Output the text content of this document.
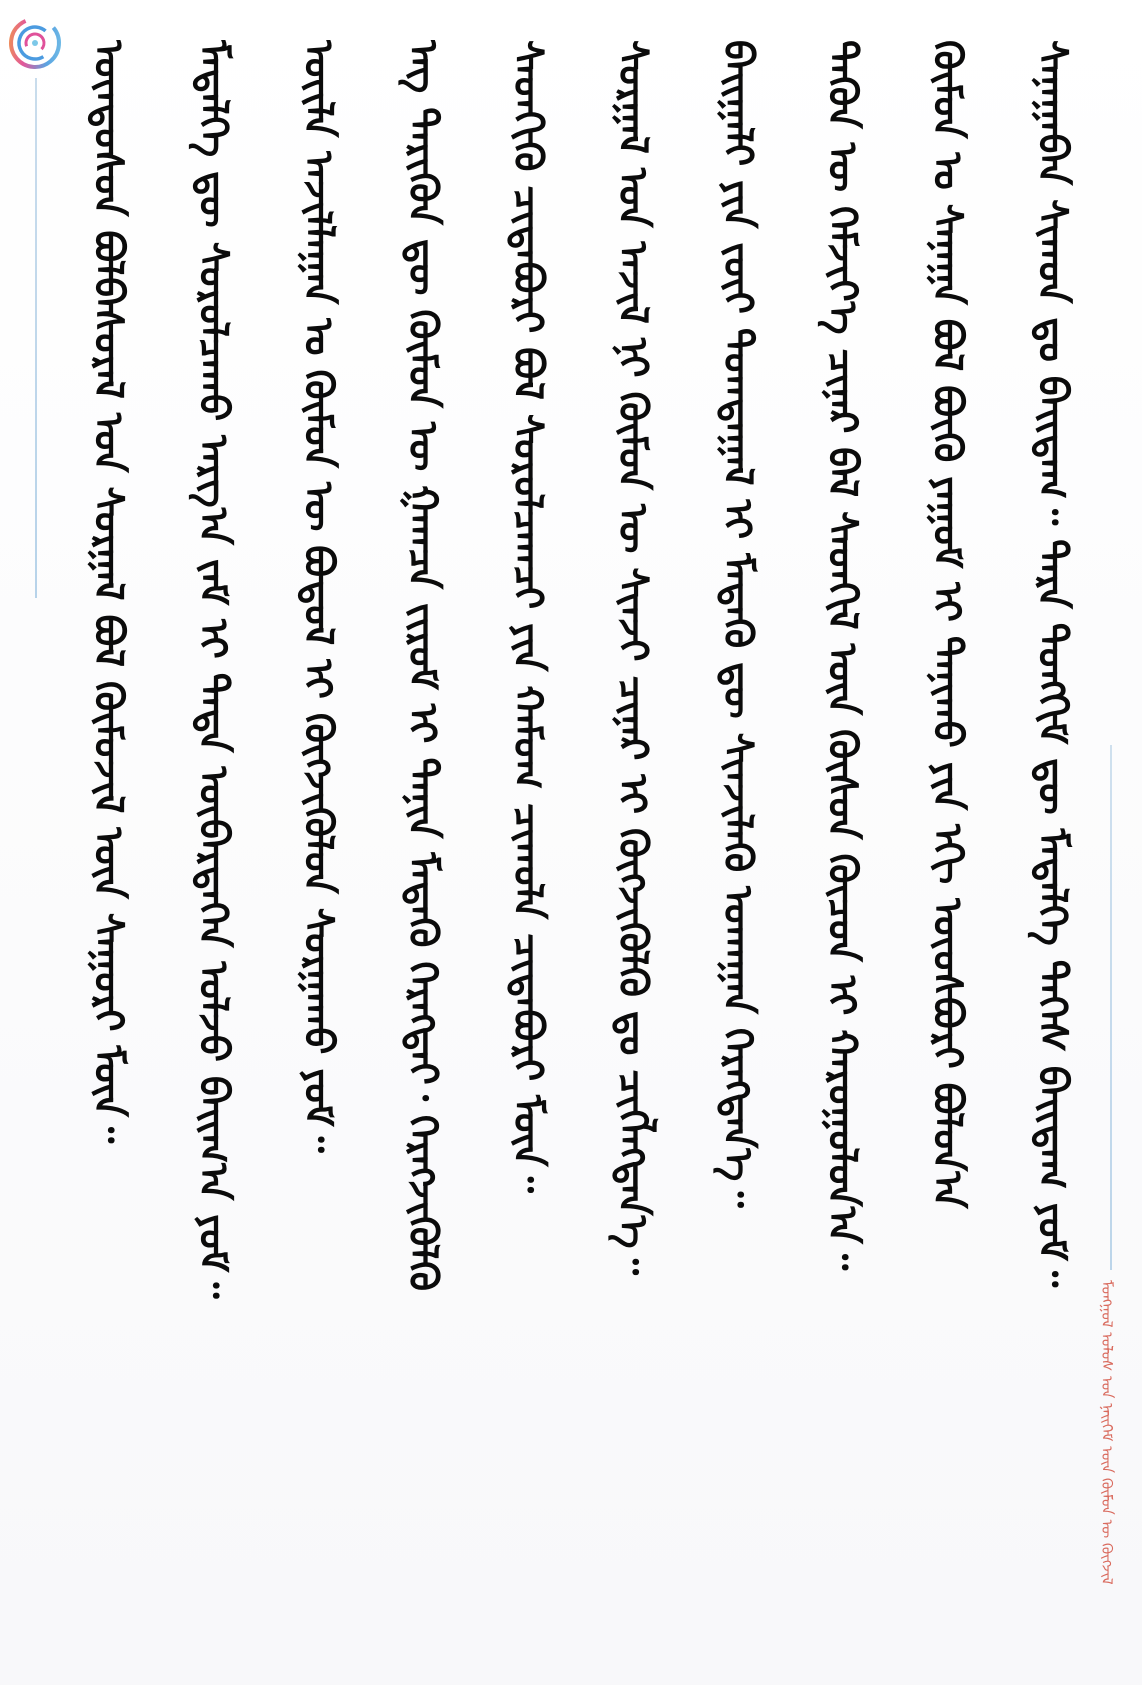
ᠮᠣᠩᠭᠣᠯ ᠤᠯᠤᠰ ᠤᠨ ᠨᠡᠢᠭᠡᠮ ᠦᠨ ᠬᠦᠮᠦᠨ ᠦ ᠬᠥᠭᠵᠢᠯ
ᠦᠨᠳᠦᠰᠦᠨ ᠪᠣᠯᠪᠠᠰᠤᠷᠠᠯ ᠤᠨ ᠰᠤᠷᠭᠠᠯ ᠪᠣᠯ ᠬᠦᠮᠦᠵᠢᠯ ᠦᠨ ᠰᠠᠭᠤᠷᠢ ᠮᠥᠨ᠃ ᠮᠡᠳᠡᠯᠭᠡ ᠳᠦ ᠰᠤᠷᠤᠯᠴᠠᠬᠤ ᠠᠷᠭ᠎ᠠ ᠵᠠᠮ ᠢ ᠲᠡᠳᠡ ᠥᠪᠡᠷᠲᠡᠭᠡᠨ ᠣᠯᠵᠤ ᠪᠠᠢᠭ᠎ᠠ ᠶᠤᠮ᠃ ᠦᠢᠯᠡ ᠠᠵᠢᠯᠯᠠᠭᠠᠨ ᠤ ᠬᠦᠮᠦᠨ ᠦ ᠪᠣᠳᠣᠯ ᠢ ᠬᠥᠭᠵᠢᠭᠦᠯᠦᠨ ᠰᠤᠷᠭᠠᠬᠤ ᠶᠤᠮ᠃ ᠡᠩ ᠲᠡᠷᠢᠭᠦᠨ ᠳᠦ ᠬᠦᠮᠦᠨ ᠦ ᠭᠠᠭᠴᠠ ᠵᠢᠷᠤᠮ ᠢ ᠲᠠᠨᠢᠨ ᠮᠡᠳᠡᠬᠦ ᠬᠡᠷᠡᠭᠲᠡᠢ᠂ ᠬᠡᠷᠡᠭᠵᠢᠭᠦᠯᠬᠦ ᠰᠡᠳᠬᠢᠬᠦ ᠴᠢᠳᠠᠪᠤᠷᠢ ᠪᠣᠯ ᠰᠤᠷᠤᠯᠴᠠᠭᠴᠢ ᠶᠢᠨ ᠬᠠᠮᠤᠭ ᠴᠢᠬᠤᠯᠠ ᠴᠢᠳᠠᠪᠤᠷᠢ ᠮᠥᠨ᠃ ᠰᠤᠷᠭᠠᠯ ᠤᠨ ᠠᠵᠢᠯ ᠨᠢ ᠬᠦᠮᠦᠨ ᠦ ᠰᠢᠨᠵᠢ ᠴᠢᠨᠠᠷ ᠢ ᠬᠥᠭᠵᠢᠭᠦᠯᠬᠦ ᠳᠤ ᠴᠢᠭᠯᠡᠭᠳᠡᠨ᠎ᠡ᠃ ᠪᠠᠢᠭᠠᠯᠢ ᠶᠢᠨ ᠵᠦᠢ ᠲᠣᠭᠲᠠᠭᠠᠯ ᠢ ᠮᠡᠳᠡᠬᠦ ᠳᠦ ᠰᠢᠨᠵᠢᠯᠡᠬᠦ ᠤᠬᠠᠭᠠᠨ ᠬᠡᠷᠡᠭᠳᠡᠨ᠎ᠡ᠃ ᠲᠡᠭᠦᠨ ᠦ ᠬᠡᠮᠵᠢᠶ᠎ᠡ ᠴᠢᠨᠠᠷ ᠪᠠᠯ ᠰᠡᠳᠬᠢᠯ ᠦᠨ ᠬᠦᠰᠦᠨ ᠬᠦᠴᠦᠨ ᠢ ᠬᠠᠷᠤᠭᠤᠯᠤᠨ᠎ᠠ᠃ ᠬᠦᠮᠦᠨ ᠤ ᠰᠠᠨᠠᠭᠠ ᠪᠣᠯ ᠪᠦᠬᠦ ᠶᠠᠭᠤᠮ ᠢ ᠲᠠᠨᠢᠬᠤ ᠶᠢᠨ ᠡᠬᠢ ᠦᠦᠰᠪᠦᠷᠢ ᠪᠣᠯᠤᠨ᠎ᠠ ᠰᠠᠨᠠᠭᠠᠪᠠᠨ ᠰᠢᠬᠤᠨ ᠳᠤ ᠪᠠᠢᠳᠠᠭ᠃ ᠲᠡᠷᠡ ᠲᠣᠩᠬᠢᠮ ᠳᠦ ᠮᠡᠳᠡᠯᠭᠡ ᠲᠡᠭᠡᠰ ᠪᠠᠢᠳᠠᠭ ᠶᠤᠮ᠃
